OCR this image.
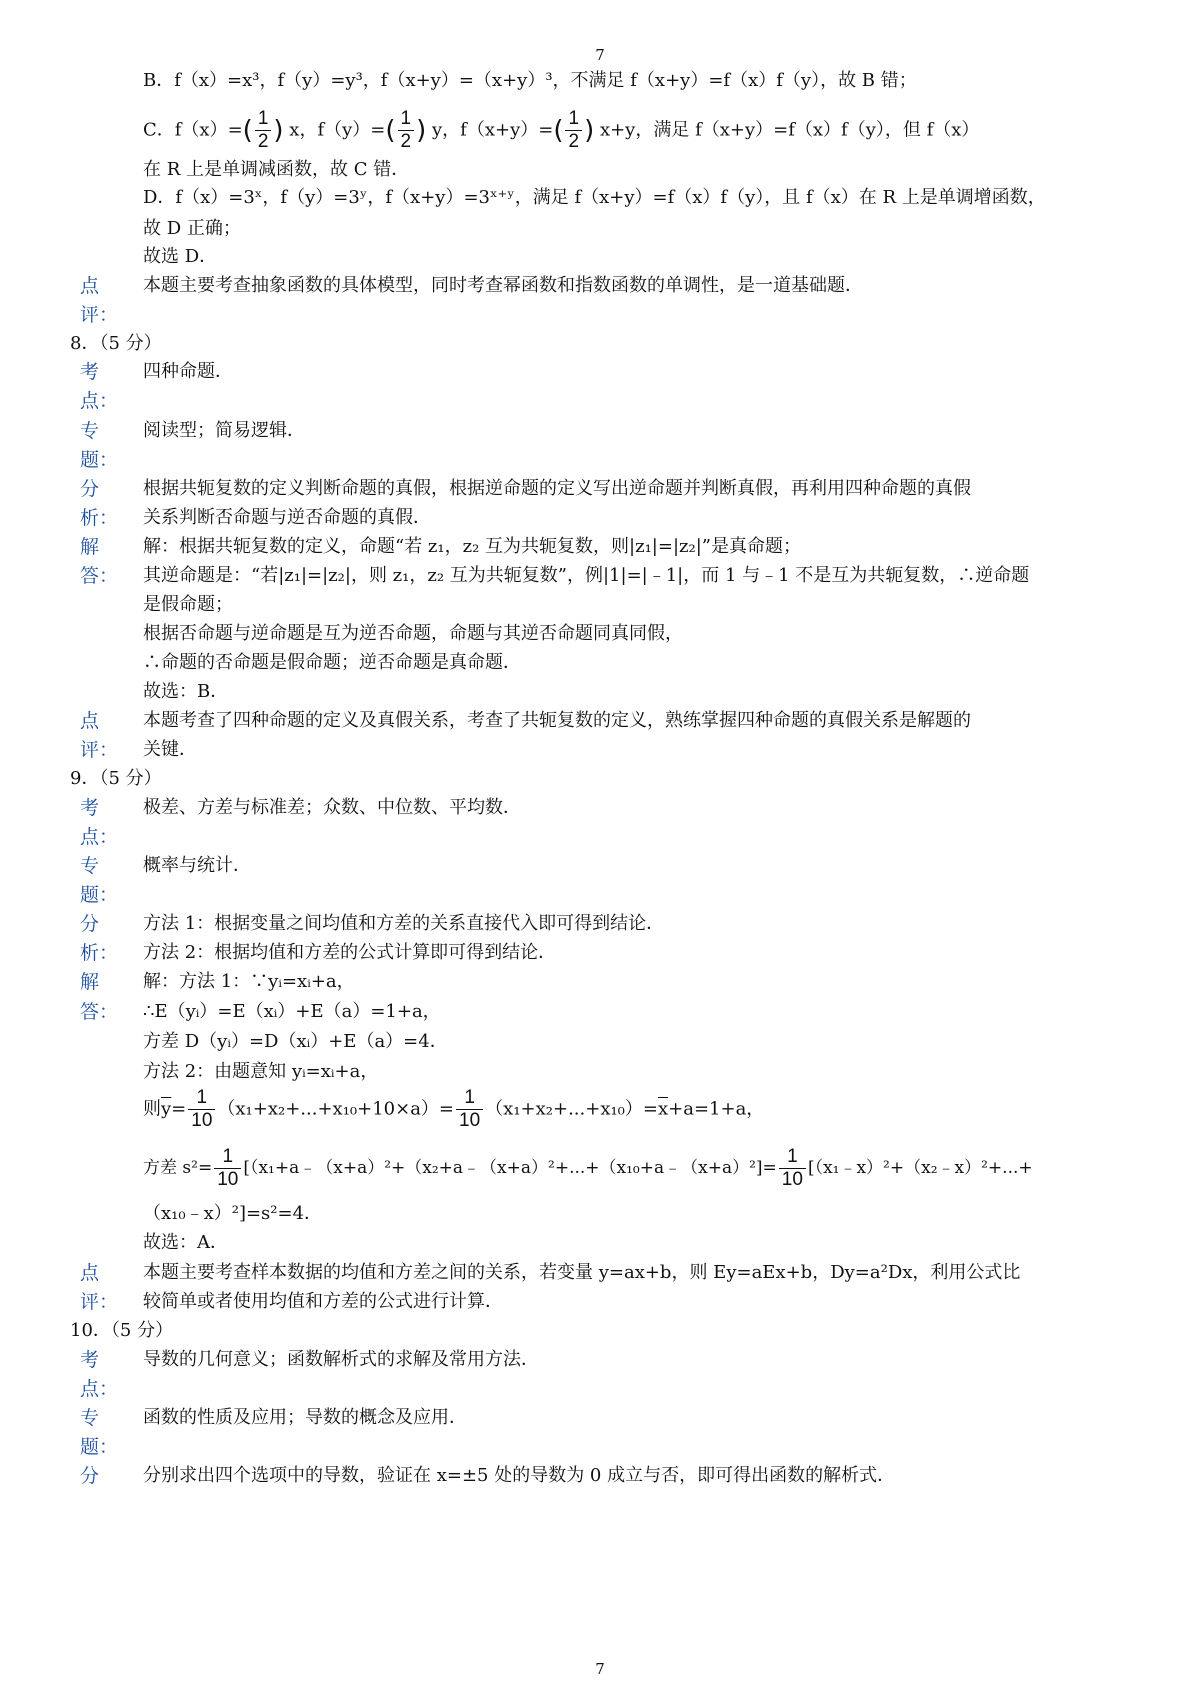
7
B．f（x）=x³，f（y）=y³，f（x+y）=（x+y）³，不满足 f（x+y）=f（x）f（y），故 B 错；
C．$f(x)=( \frac{1}{2}$ ) x，$f(y)=( \frac{1}{2}$ ) y，$f(x+y)=( \frac{1}{2}$ ) x+y，满足 f（x+y）=f（x）f（y），但 f（x）
在 R 上是单调减函数，故 C 错．
D．f（x）=3ˣ，f（y）=3ʸ，f（x+y）=3ˣ⁺ʸ，满足 f（x+y）=f（x）f（y），且 f（x）在 R 上是单调增函数，
故 D 正确；
故选 D．
点	本题主要考查抽象函数的具体模型，同时考查幂函数和指数函数的单调性，是一道基础题．
评：
8．（5 分）
考	四种命题．
点：
专	阅读型；简易逻辑．
题：
分	根据共轭复数的定义判断命题的真假，根据逆命题的定义写出逆命题并判断真假，再利用四种命题的真假
析： 关系判断否命题与逆否命题的真假．
解	解：根据共轭复数的定义，命题“若 z₁，z₂ 互为共轭复数，则|z₁|=|z₂|”是真命题；
答： 其逆命题是：“若|z₁|=|z₂|，则 z₁，z₂ 互为共轭复数”，例|1|=|﹣1|，而 1 与﹣1 不是互为共轭复数，∴逆命题
是假命题；
根据否命题与逆命题是互为逆否命题，命题与其逆否命题同真同假，
∴命题的否命题是假命题；逆否命题是真命题．
故选：B．
点	本题考查了四种命题的定义及真假关系，考查了共轭复数的定义，熟练掌握四种命题的真假关系是解题的
评： 关键．
9．（5 分）
考	极差、方差与标准差；众数、中位数、平均数．
点：
专	概率与统计．
题：
分	方法 1：根据变量之间均值和方差的关系直接代入即可得到结论．
析： 方法 2：根据均值和方差的公式计算即可得到结论．
解	解：方法 1：∵yᵢ=xᵢ+a，
答： ∴E（yᵢ）=E（xᵢ）+E（a）=1+a，
方差 D（yᵢ）=D（xᵢ）+E（a）=4．
方法 2：由题意知 yᵢ=xᵢ+a，
则$\overline{y}= \frac{1}{10} (x_1+x_2+...+x_{10}+10\times a)= \frac{1}{10} (x_1+x_2+...+x_{10})=\overline{x}+a=1+a$，
方差 $s^2= \frac{1}{10}$ [（x₁+a﹣（x+a）²+（x₂+a﹣（x+a）²+...+（x₁₀+a﹣（x+a）²]= $\frac{1}{10}$ [（x₁﹣x）²+（x₂﹣x）²+...+
（x₁₀﹣x）²]=s²=4．
故选：A．
点	本题主要考查样本数据的均值和方差之间的关系，若变量 y=ax+b，则 Ey=aEx+b，Dy=a²Dx，利用公式比
评： 较简单或者使用均值和方差的公式进行计算．
10．（5 分）
考	导数的几何意义；函数解析式的求解及常用方法．
点：
专	函数的性质及应用；导数的概念及应用．
题：
分	分别求出四个选项中的导数，验证在 x=±5 处的导数为 0 成立与否，即可得出函数的解析式．
7
